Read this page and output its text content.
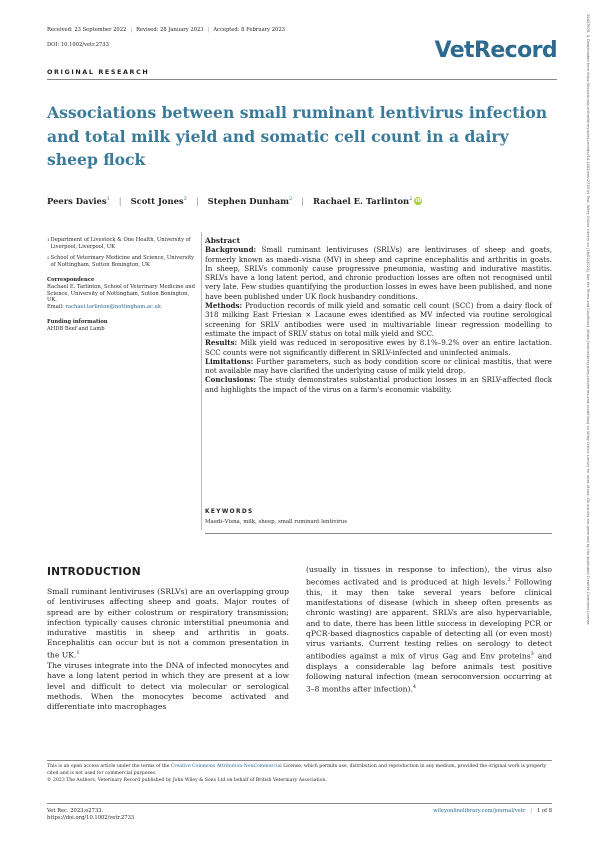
Received: 23 September 2022 | Revised: 28 January 2023 | Accepted: 8 February 2023
DOI: 10.1002/vetr.2733	VetRecord
ORIGINAL RESEARCH
Associations between small ruminant lentivirus infection and total milk yield and somatic cell count in a dairy sheep flock
Peers Davies$^1$ | Scott Jones$^2$ | Stephen Dunham$^2$ | Rachael E. Tarlinton$^2$ iD
1 Department of Livestock & One Health, University of Liverpool, Liverpool, UK
2 School of Veterinary Medicine and Science, University of Nottingham, Sutton Bonington, UK
Correspondence
Rachael E. Tarlinton, School of Veterinary Medicine and Science, University of Nottingham, Sutton Bonington, UK.
Email: rachael.tarlinton@nottingham.ac.uk
Funding information
AHDB Beef and Lamb
Abstract

Background: Small ruminant lentiviruses (SRLVs) are lentiviruses of sheep and goats, formerly known as maedi–visna (MV) in sheep and caprine encephalitis and arthritis in goats. In sheep, SRLVs commonly cause progressive pneumonia, wasting and indurative mastitis. SRLVs have a long latent period, and chronic production losses are often not recognised until very late. Few studies quantifying the production losses in ewes have been published, and none have been published under UK flock husbandry conditions.

Methods: Production records of milk yield and somatic cell count (SCC) from a dairy flock of 318 milking East Friesian × Lacaune ewes identified as MV infected via routine serological screening for SRLV antibodies were used in multivariable linear regression modelling to estimate the impact of SRLV status on total milk yield and SCC.

Results: Milk yield was reduced in seropositive ewes by 8.1%–9.2% over an entire lactation. SCC counts were not significantly different in SRLV-infected and uninfected animals.

Limitations: Further parameters, such as body condition score or clinical mastitis, that were not available may have clarified the underlying cause of milk yield drop.

Conclusions: The study demonstrates substantial production losses in an SRLV-affected flock and highlights the impact of the virus on a farm's economic viability.

KEYWORDS
Maedi–Visna, milk, sheep, small ruminant lentivirus
INTRODUCTION

Small ruminant lentiviruses (SRLVs) are an overlapping group of lentiviruses affecting sheep and goats. Major routes of spread are by either colostrum or respiratory transmission; infection typically causes chronic interstitial pneumonia and indurative mastitis in sheep and arthritis in goats. Encephalitis can occur but is not a common presentation in the UK.$^1$

The viruses integrate into the DNA of infected monocytes and have a long latent period in which they are present at a low level and difficult to detect via molecular or serological methods. When the monocytes become activated and differentiate into macrophages

(usually in tissues in response to infection), the virus also becomes activated and is produced at high levels.$^2$ Following this, it may then take several years before clinical manifestations of disease (which in sheep often presents as chronic wasting) are apparent. SRLVs are also hypervariable, and to date, there has been little success in developing PCR or qPCR-based diagnostics capable of detecting all (or even most) virus variants. Current testing relies on serology to detect antibodies against a mix of virus Gag and Env proteins$^3$ and displays a considerable lag before animals test positive following natural infection (mean seroconversion occurring at 3–8 months after infection).$^4$

This is an open access article under the terms of the Creative Commons Attribution-NonCommercial License, which permits use, distribution and reproduction in any medium, provided the original work is properly cited and is not used for commercial purposes.
© 2023 The Authors. Veterinary Record published by John Wiley & Sons Ltd on behalf of British Veterinary Association.
Vet Rec. 2023;e2733.
https://doi.org/10.1002/vetr.2733
wileyonlinelibrary.com/journal/vetr | 1 of 8
20427670, 0, Downloaded from https://bvajournals.onlinelibrary.wiley.com/doi/10.1002/vetr.2733 by Test, Wiley Online Library on [16/02/2023]. See the Terms and Conditions (https://onlinelibrary.wiley.com/terms-and-conditions) on Wiley Online Library for rules of use; OA articles are governed by the applicable Creative Commons License
